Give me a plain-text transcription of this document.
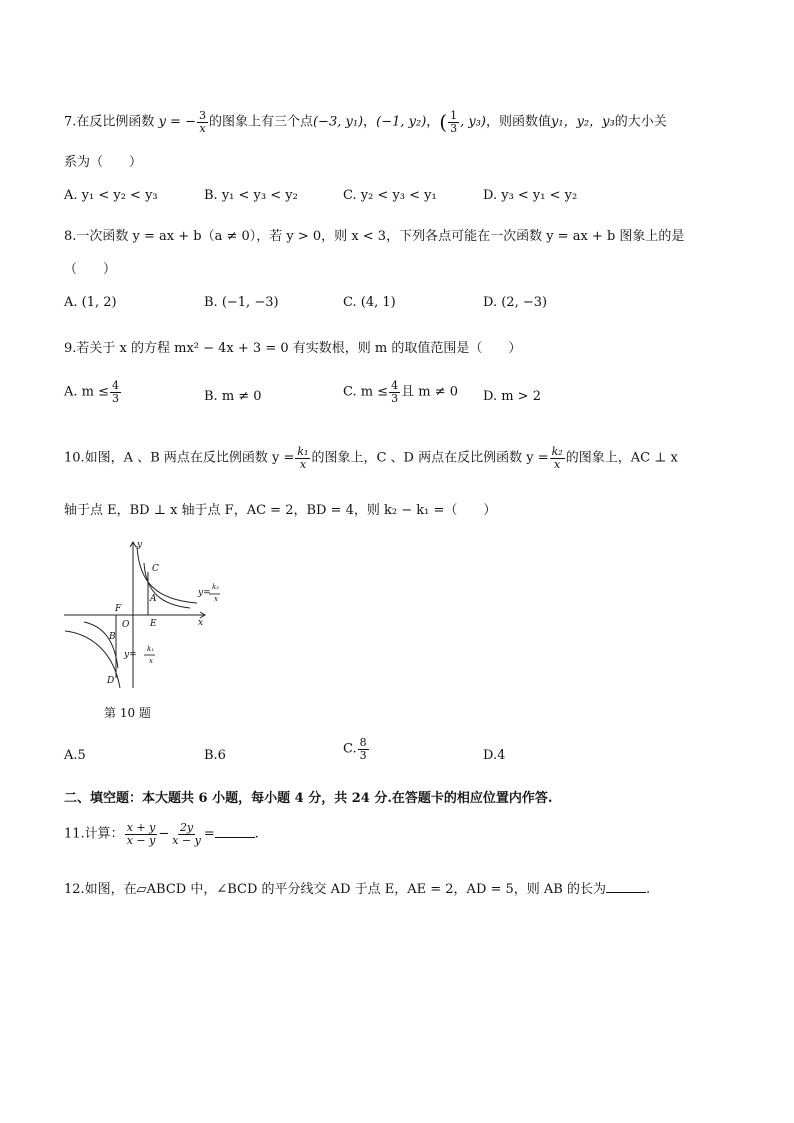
7.在反比例函数 y = − $\frac{3}{x}$ 的图象上有三个点(−3, y₁)，(−1, y₂)，( $\frac{1}{3}$ , y₃)，则函数值y₁，y₂，y₃的大小关
系为（　　）
A. y₁ < y₂ < y₃	B. y₁ < y₃ < y₂	C. y₂ < y₃ < y₁	D. y₃ < y₁ < y₂
8.一次函数 y = ax + b（a ≠ 0），若 y > 0，则 x < 3，下列各点可能在一次函数 y = ax + b 图象上的是
（　　）
A. (1, 2)	B. (−1, −3)	C. (4, 1)	D. (2, −3)
9.若关于 x 的方程 mx² − 4x + 3 = 0 有实数根，则 m 的取值范围是（　　）
A. $m \le \frac{4}{3}$	B. m ≠ 0	C. $m \le \frac{4}{3}$ 且 m ≠ 0 D. m > 2
10.如图，A 、B 两点在反比例函数 $y = \frac{\text{k₁}}{x}$ 的图象上，C 、D 两点在反比例函数 $y = \frac{\text{k₂}}{x}$ 的图象上，AC ⊥ x
轴于点 E，BD ⊥ x 轴于点 F，AC = 2，BD = 4，则 k₂ − k₁ =（　　）
y
x
O E
F
C
A
B
D
y=
k₂
x
y=
k₁
x
第 10 题
A.5	B.6	C. $\frac{8}{3}$	D.4
二、填空题：本大题共 6 小题，每小题 4 分，共 24 分.在答题卡的相应位置内作答.
11.计算： $\frac{x + y}{x - y} - \frac{2y}{x - y}$ =	.
12.如图，在▱ABCD 中，∠BCD 的平分线交 AD 于点 E，AE = 2，AD = 5，则 AB 的长为	.
